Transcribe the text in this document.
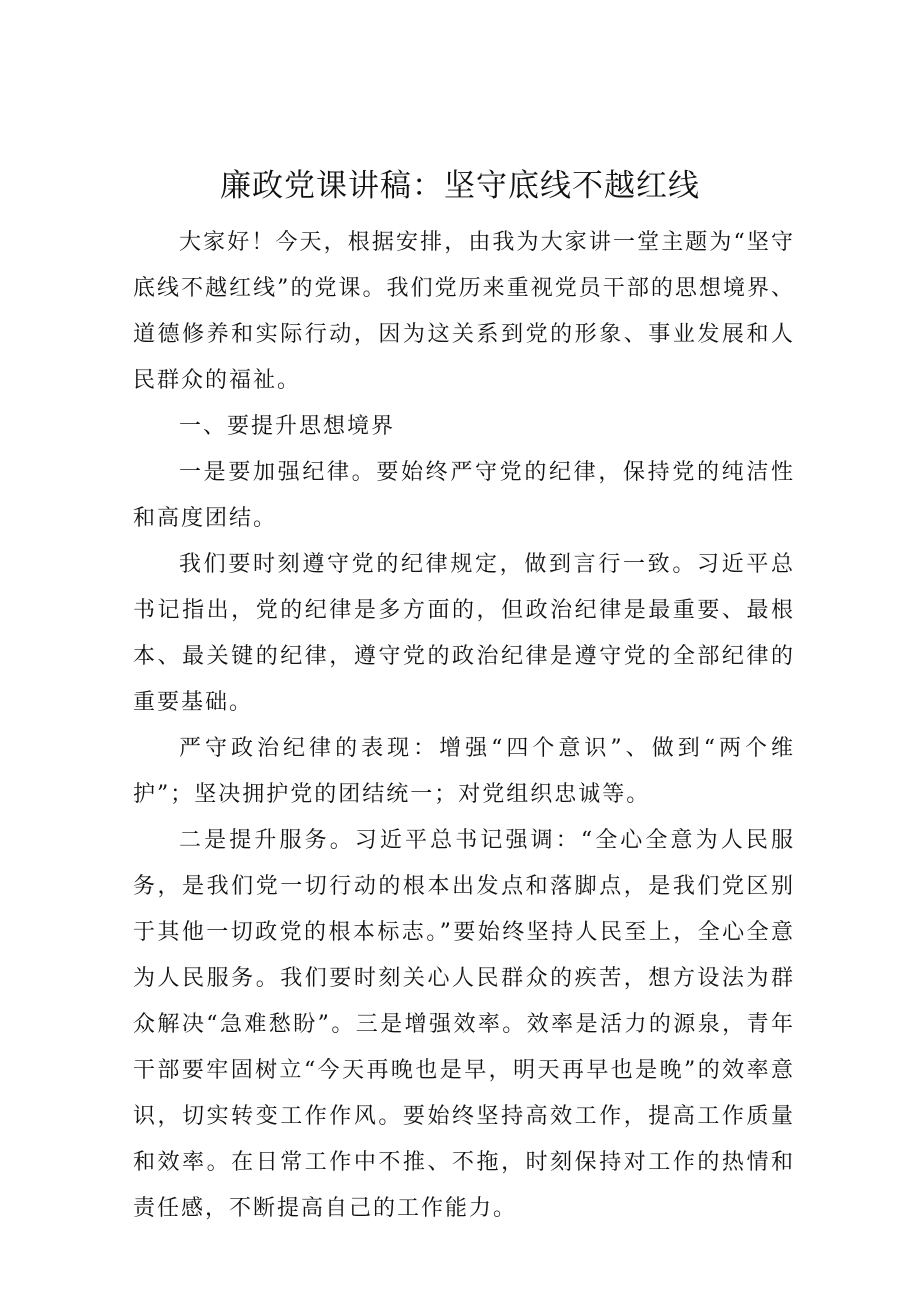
廉政党课讲稿：坚守底线不越红线

大家好！今天，根据安排，由我为大家讲一堂主题为“坚守底线不越红线”的党课。我们党历来重视党员干部的思想境界、道德修养和实际行动，因为这关系到党的形象、事业发展和人民群众的福祉。

一、要提升思想境界

一是要加强纪律。要始终严守党的纪律，保持党的纯洁性和高度团结。

我们要时刻遵守党的纪律规定，做到言行一致。习近平总书记指出，党的纪律是多方面的，但政治纪律是最重要、最根本、最关键的纪律，遵守党的政治纪律是遵守党的全部纪律的重要基础。

严守政治纪律的表现：增强“四个意识”、做到“两个维护”；坚决拥护党的团结统一；对党组织忠诚等。

二是提升服务。习近平总书记强调：“全心全意为人民服务，是我们党一切行动的根本出发点和落脚点，是我们党区别于其他一切政党的根本标志。”要始终坚持人民至上，全心全意为人民服务。我们要时刻关心人民群众的疾苦，想方设法为群众解决“急难愁盼”。三是增强效率。效率是活力的源泉，青年干部要牢固树立“今天再晚也是早，明天再早也是晚”的效率意识，切实转变工作作风。要始终坚持高效工作，提高工作质量和效率。在日常工作中不推、不拖，时刻保持对工作的热情和责任感，不断提高自己的工作能力。
